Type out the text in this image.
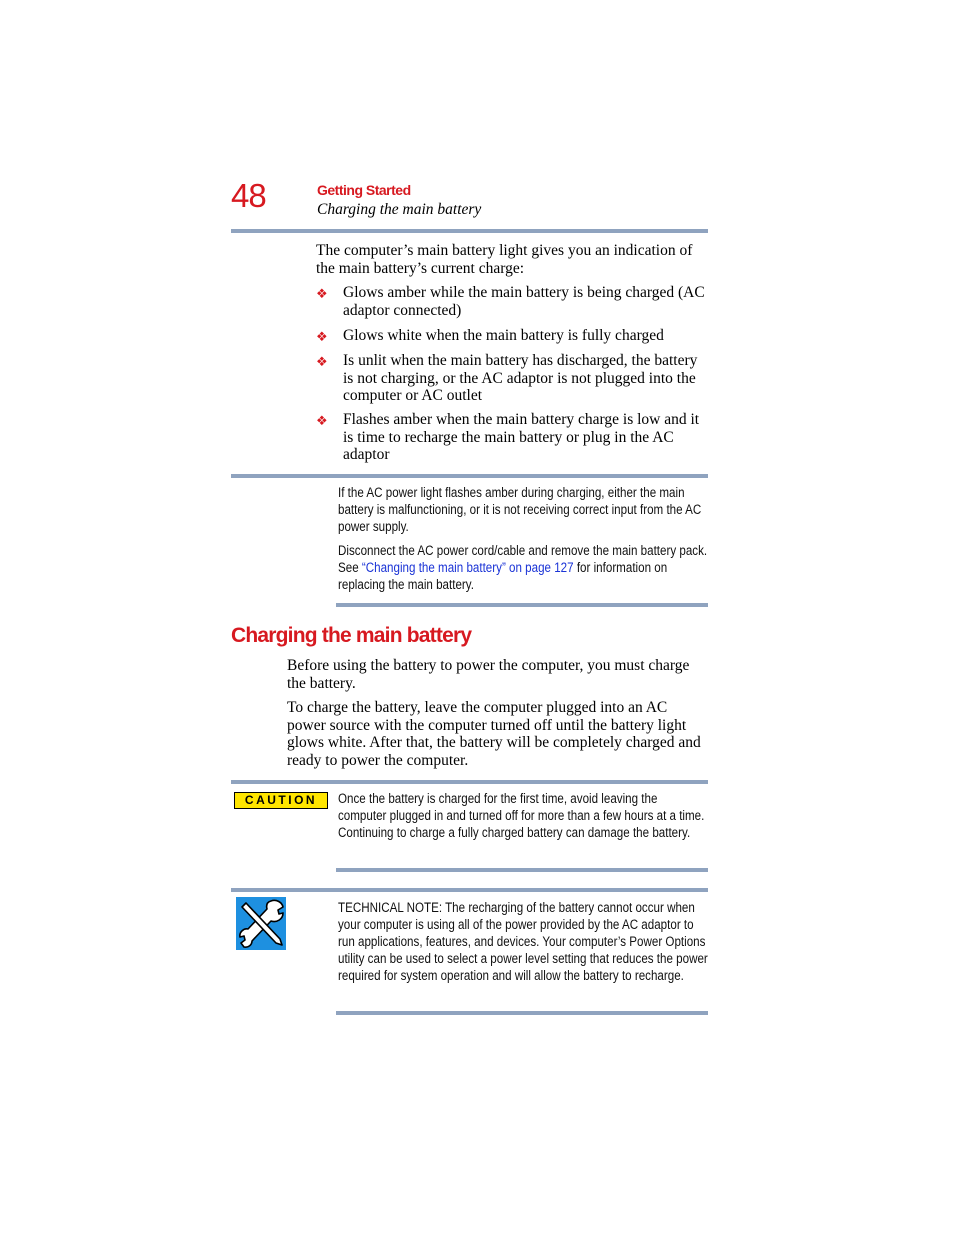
48	Getting Started
Charging the main battery
The computer’s main battery light gives you an indication of the main battery’s current charge:
❖ Glows amber while the main battery is being charged (AC adaptor connected)
❖ Glows white when the main battery is fully charged
❖ Is unlit when the main battery has discharged, the battery is not charging, or the AC adaptor is not plugged into the computer or AC outlet
❖ Flashes amber when the main battery charge is low and it is time to recharge the main battery or plug in the AC adaptor
If the AC power light flashes amber during charging, either the main battery is malfunctioning, or it is not receiving correct input from the AC power supply.
Disconnect the AC power cord/cable and remove the main battery pack. See “Changing the main battery” on page 127 for information on replacing the main battery.
Charging the main battery
Before using the battery to power the computer, you must charge the battery.
To charge the battery, leave the computer plugged into an AC power source with the computer turned off until the battery light glows white. After that, the battery will be completely charged and ready to power the computer.
CAUTION	Once the battery is charged for the first time, avoid leaving the computer plugged in and turned off for more than a few hours at a time. Continuing to charge a fully charged battery can damage the battery.
TECHNICAL NOTE: The recharging of the battery cannot occur when your computer is using all of the power provided by the AC adaptor to run applications, features, and devices. Your computer’s Power Options utility can be used to select a power level setting that reduces the power required for system operation and will allow the battery to recharge.
